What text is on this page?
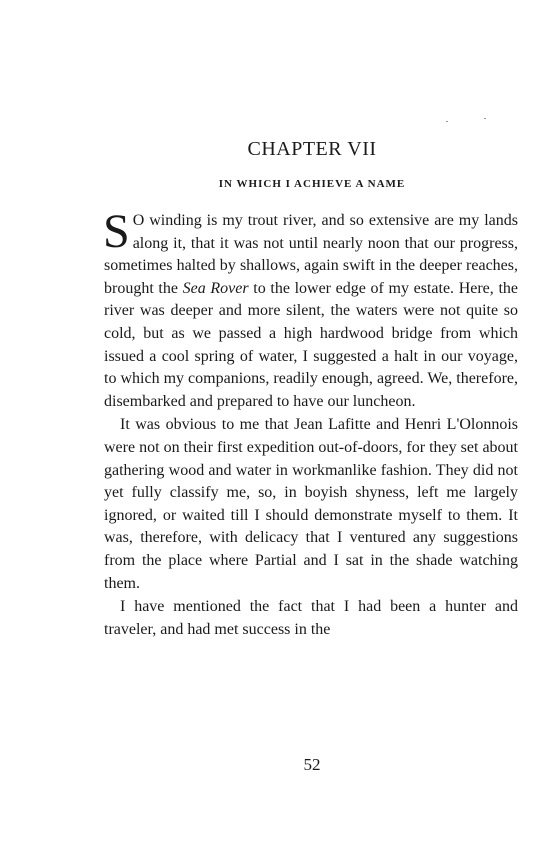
CHAPTER VII
IN WHICH I ACHIEVE A NAME

S O winding is my trout river, and so extensive are my lands along it, that it was not until nearly noon that our progress, sometimes halted by shallows, again swift in the deeper reaches, brought the Sea Rover to the lower edge of my estate. Here, the river was deeper and more silent, the waters were not quite so cold, but as we passed a high hardwood bridge from which issued a cool spring of water, I suggested a halt in our voyage, to which my companions, readily enough, agreed. We, therefore, disembarked and prepared to have our luncheon.

It was obvious to me that Jean Lafitte and Henri L'Olonnois were not on their first expedition out-of-doors, for they set about gathering wood and water in workmanlike fashion. They did not yet fully classify me, so, in boyish shyness, left me largely ignored, or waited till I should demonstrate myself to them. It was, therefore, with delicacy that I ventured any suggestions from the place where Partial and I sat in the shade watching them.

I have mentioned the fact that I had been a hunter and traveler, and had met success in the

52
